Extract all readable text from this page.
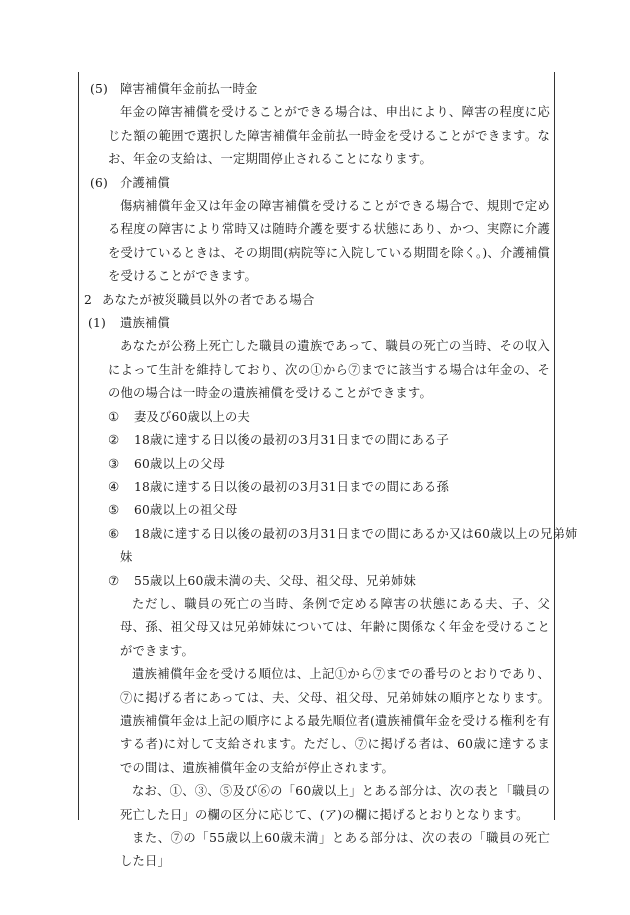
(5) 障害補償年金前払一時金
年金の障害補償を受けることができる場合は、申出により、障害の程度に応じた額の範囲で選択した障害補償年金前払一時金を受けることができます。なお、年金の支給は、一定期間停止されることになります。
(6) 介護補償
傷病補償年金又は年金の障害補償を受けることができる場合で、規則で定める程度の障害により常時又は随時介護を要する状態にあり、かつ、実際に介護を受けているときは、その期間(病院等に入院している期間を除く。)、介護補償を受けることができます。
2 あなたが被災職員以外の者である場合
(1) 遺族補償
あなたが公務上死亡した職員の遺族であって、職員の死亡の当時、その収入によって生計を維持しており、次の①から⑦までに該当する場合は年金の、その他の場合は一時金の遺族補償を受けることができます。
① 妻及び60歳以上の夫
② 18歳に達する日以後の最初の3月31日までの間にある子
③ 60歳以上の父母
④ 18歳に達する日以後の最初の3月31日までの間にある孫
⑤ 60歳以上の祖父母
⑥ 18歳に達する日以後の最初の3月31日までの間にあるか又は60歳以上の兄弟姉
妹
⑦ 55歳以上60歳未満の夫、父母、祖父母、兄弟姉妹
ただし、職員の死亡の当時、条例で定める障害の状態にある夫、子、父母、孫、祖父母又は兄弟姉妹については、年齢に関係なく年金を受けることができます。
遺族補償年金を受ける順位は、上記①から⑦までの番号のとおりであり、⑦に掲げる者にあっては、夫、父母、祖父母、兄弟姉妹の順序となります。遺族補償年金は上記の順序による最先順位者(遺族補償年金を受ける権利を有する者)に対して支給されます。ただし、⑦に掲げる者は、60歳に達するまでの間は、遺族補償年金の支給が停止されます。
なお、①、③、⑤及び⑥の「60歳以上」とある部分は、次の表と「職員の死亡した日」の欄の区分に応じて、(ア)の欄に掲げるとおりとなります。
また、⑦の「55歳以上60歳未満」とある部分は、次の表の「職員の死亡した日」
